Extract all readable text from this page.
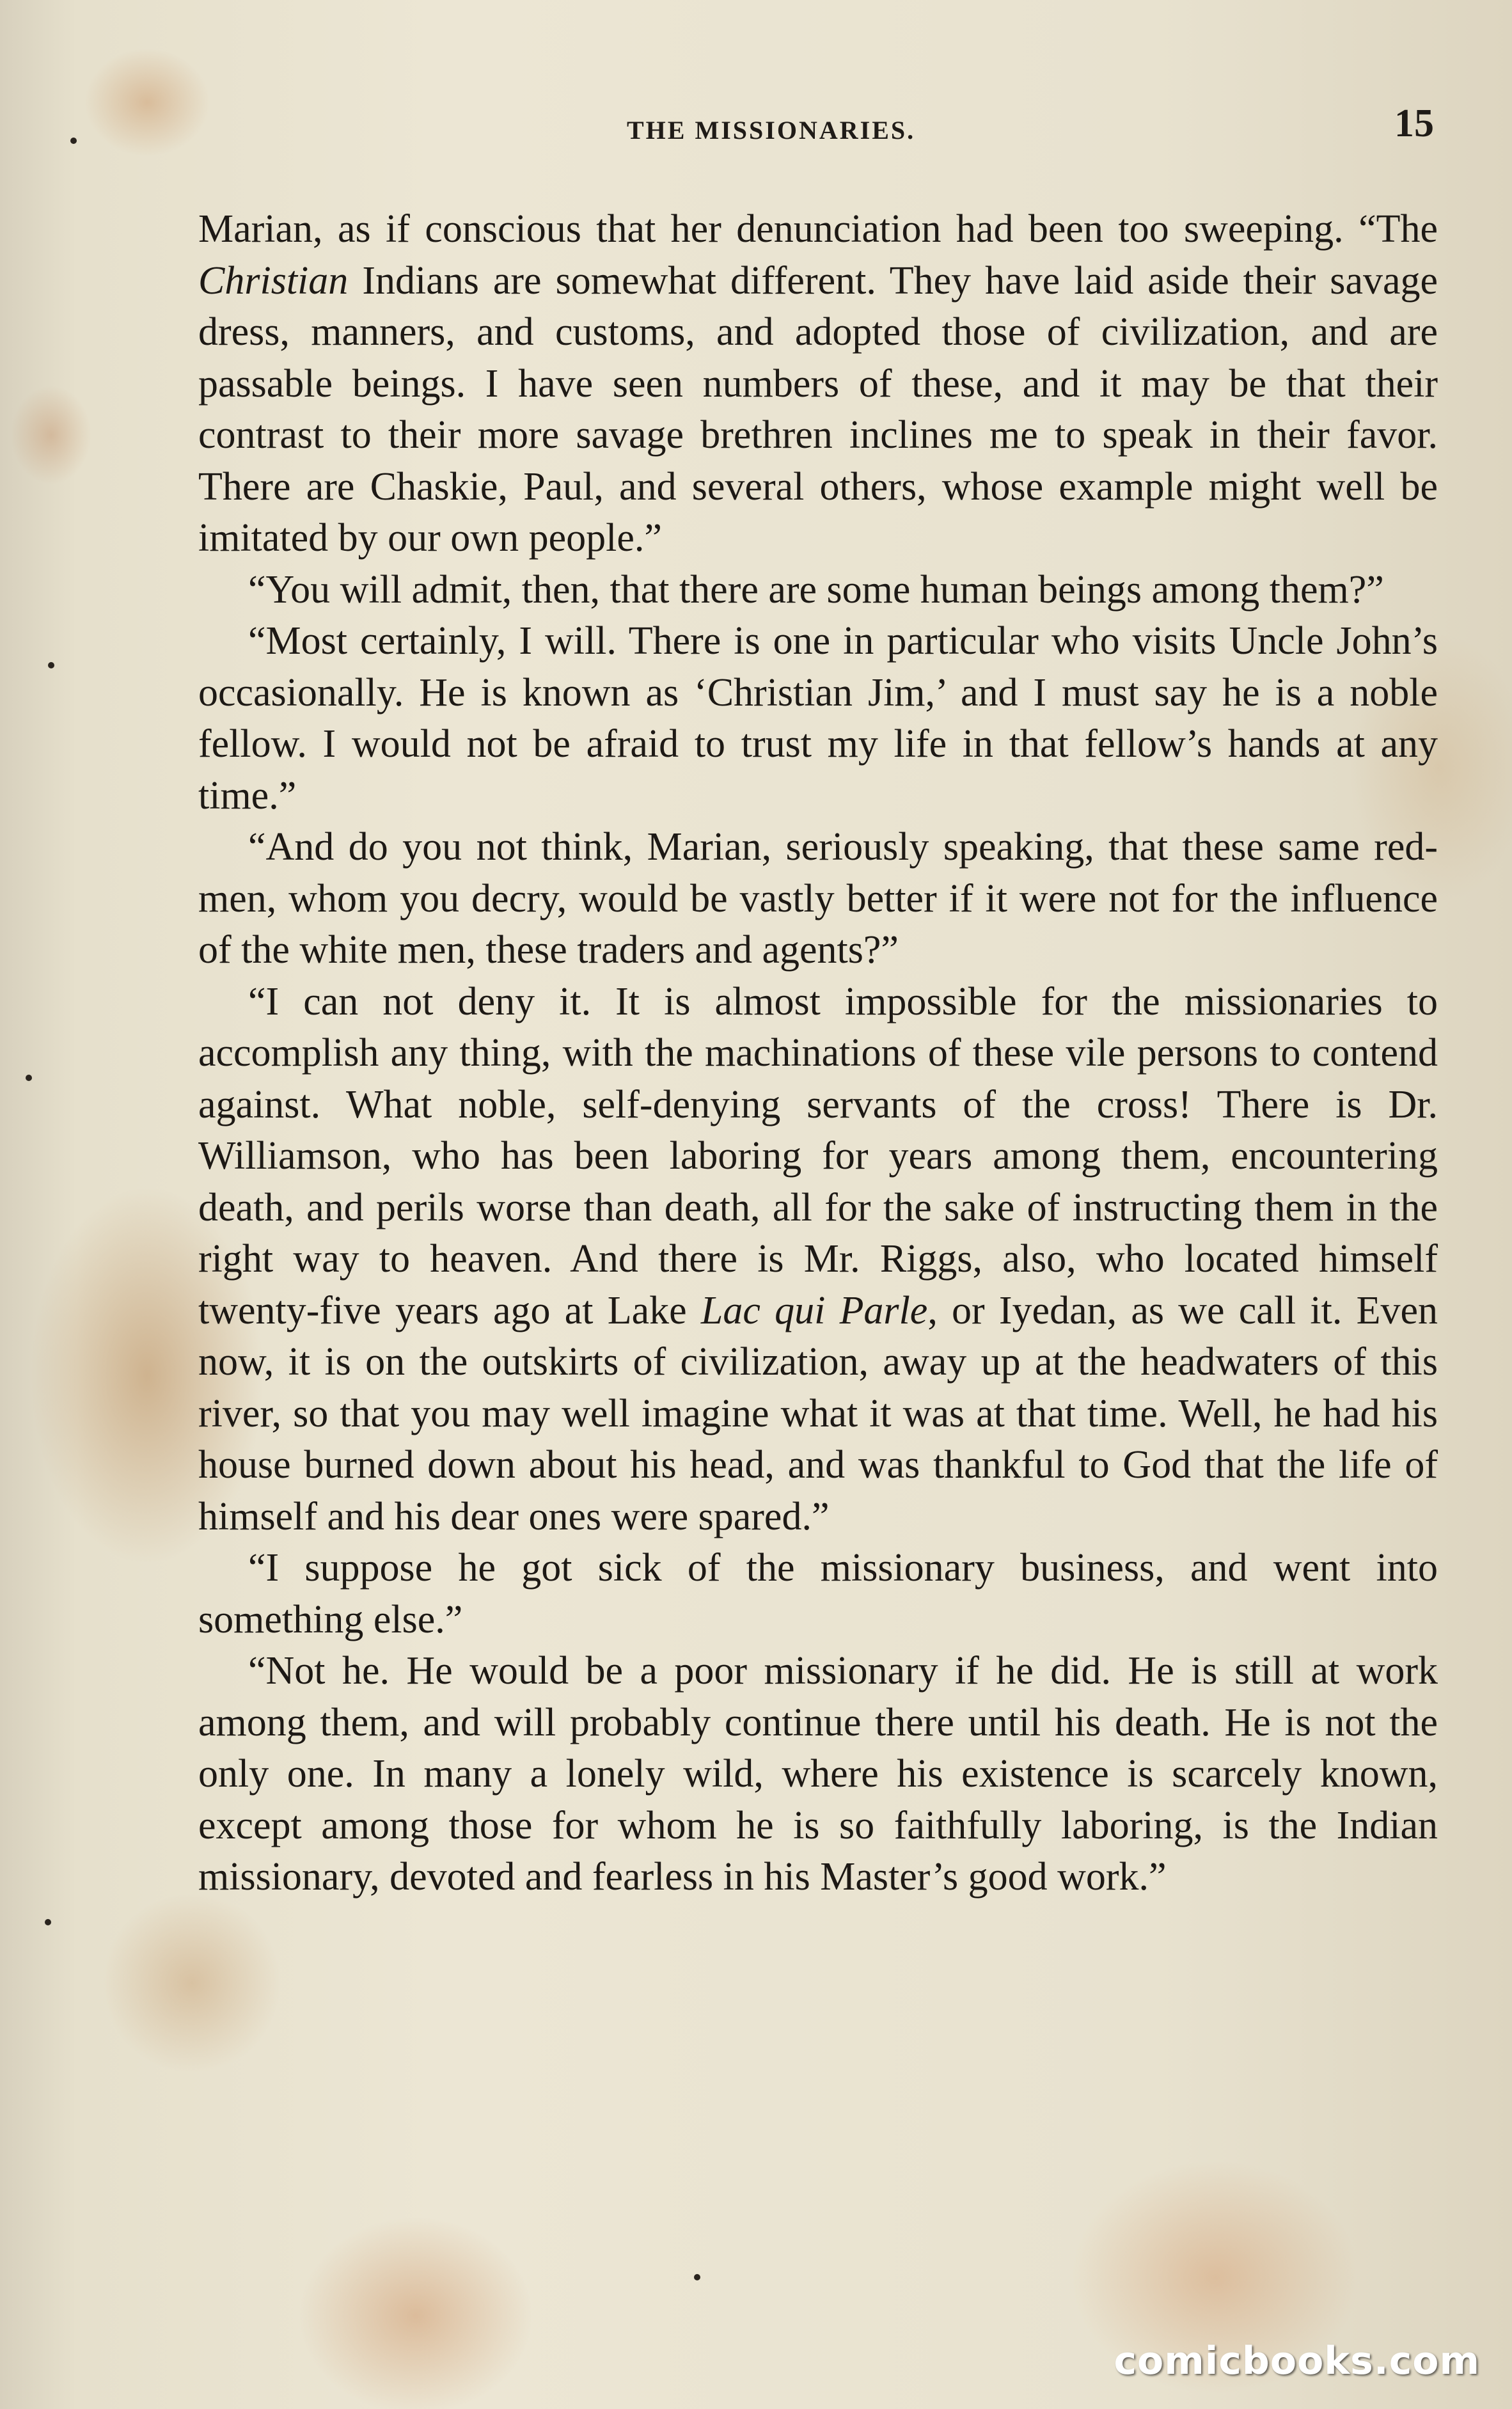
THE MISSIONARIES.	15

Marian, as if conscious that her denunciation had been too sweeping. “The Christian Indians are somewhat different. They have laid aside their savage dress, manners, and customs, and adopted those of civilization, and are passable beings. I have seen numbers of these, and it may be that their contrast to their more savage brethren inclines me to speak in their favor. There are Chaskie, Paul, and several others, whose example might well be imitated by our own people.”

“You will admit, then, that there are some human beings among them?”

“Most certainly, I will. There is one in particular who visits Uncle John’s occasionally. He is known as ‘Christian Jim,’ and I must say he is a noble fellow. I would not be afraid to trust my life in that fellow’s hands at any time.”

“And do you not think, Marian, seriously speaking, that these same red-men, whom you decry, would be vastly better if it were not for the influence of the white men, these traders and agents?”

“I can not deny it. It is almost impossible for the missionaries to accomplish any thing, with the machinations of these vile persons to contend against. What noble, self-denying servants of the cross! There is Dr. Williamson, who has been laboring for years among them, encountering death, and perils worse than death, all for the sake of instructing them in the right way to heaven. And there is Mr. Riggs, also, who located himself twenty-five years ago at Lake Lac qui Parle, or Iyedan, as we call it. Even now, it is on the outskirts of civilization, away up at the headwaters of this river, so that you may well imagine what it was at that time. Well, he had his house burned down about his head, and was thankful to God that the life of himself and his dear ones were spared.”

“I suppose he got sick of the missionary business, and went into something else.”

“Not he. He would be a poor missionary if he did. He is still at work among them, and will probably continue there until his death. He is not the only one. In many a lonely wild, where his existence is scarcely known, except among those for whom he is so faithfully laboring, is the Indian missionary, devoted and fearless in his Master’s good work.”

comicbooks.com
